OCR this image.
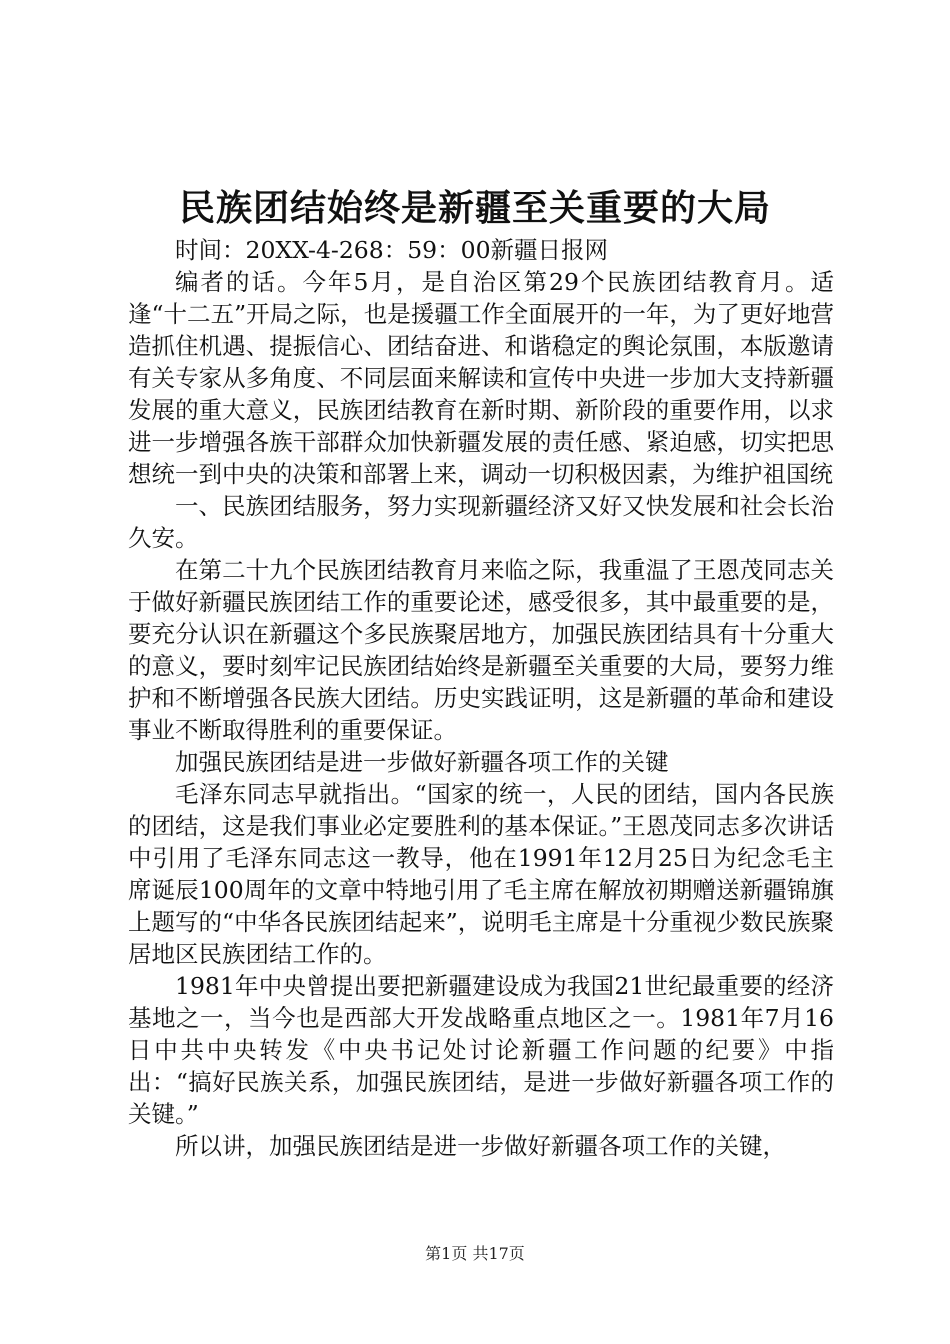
民族团结始终是新疆至关重要的大局

时间：20XX-4-268：59：00新疆日报网

编者的话。今年5月，是自治区第29个民族团结教育月。适逢“十二五”开局之际，也是援疆工作全面展开的一年，为了更好地营造抓住机遇、提振信心、团结奋进、和谐稳定的舆论氛围，本版邀请有关专家从多角度、不同层面来解读和宣传中央进一步加大支持新疆发展的重大意义，民族团结教育在新时期、新阶段的重要作用，以求进一步增强各族干部群众加快新疆发展的责任感、紧迫感，切实把思想统一到中央的决策和部署上来，调动一切积极因素，为维护祖国统

一、民族团结服务，努力实现新疆经济又好又快发展和社会长治久安。

在第二十九个民族团结教育月来临之际，我重温了王恩茂同志关于做好新疆民族团结工作的重要论述，感受很多，其中最重要的是，要充分认识在新疆这个多民族聚居地方，加强民族团结具有十分重大的意义，要时刻牢记民族团结始终是新疆至关重要的大局，要努力维护和不断增强各民族大团结。历史实践证明，这是新疆的革命和建设事业不断取得胜利的重要保证。

加强民族团结是进一步做好新疆各项工作的关键

毛泽东同志早就指出。“国家的统一，人民的团结，国内各民族的团结，这是我们事业必定要胜利的基本保证。”王恩茂同志多次讲话中引用了毛泽东同志这一教导，他在1991年12月25日为纪念毛主席诞辰100周年的文章中特地引用了毛主席在解放初期赠送新疆锦旗上题写的“中华各民族团结起来”，说明毛主席是十分重视少数民族聚居地区民族团结工作的。

1981年中央曾提出要把新疆建设成为我国21世纪最重要的经济基地之一，当今也是西部大开发战略重点地区之一。1981年7月16日中共中央转发《中央书记处讨论新疆工作问题的纪要》中指出：“搞好民族关系，加强民族团结，是进一步做好新疆各项工作的关键。”

所以讲，加强民族团结是进一步做好新疆各项工作的关键，

第1页 共17页
